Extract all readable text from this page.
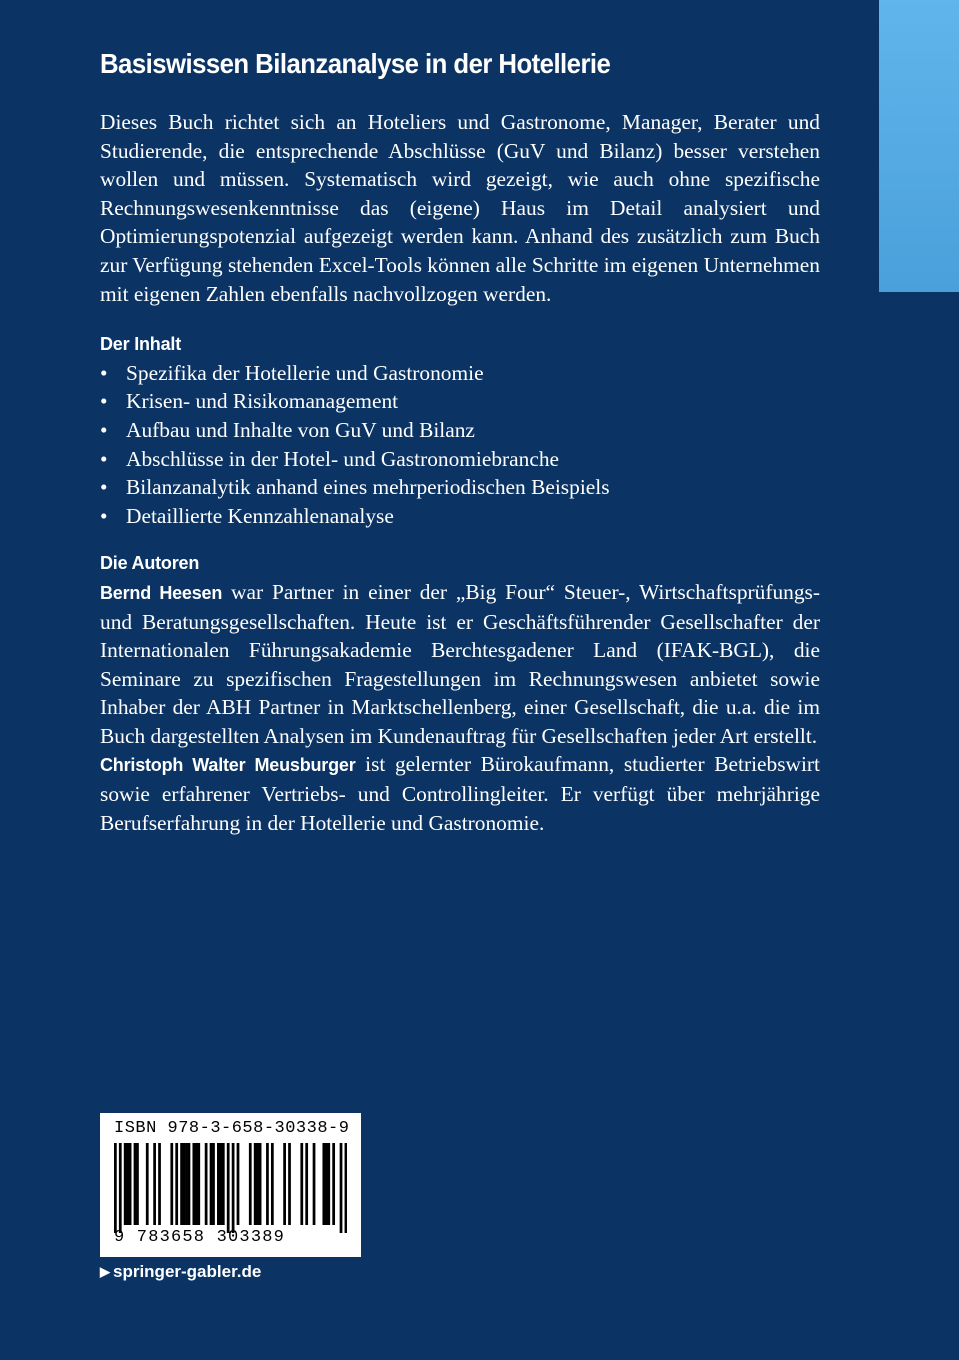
Basiswissen Bilanzanalyse in der Hotellerie

Dieses Buch richtet sich an Hoteliers und Gastronome, Manager, Berater und Studierende, die entsprechende Abschlüsse (GuV und Bilanz) besser verstehen wollen und müssen. Systematisch wird gezeigt, wie auch ohne spezifische Rechnungswesenkenntnisse das (eigene) Haus im Detail analysiert und Optimierungspotenzial aufgezeigt werden kann. Anhand des zusätzlich zum Buch zur Verfügung stehenden Excel-Tools können alle Schritte im eigenen Unternehmen mit eigenen Zahlen ebenfalls nachvollzogen werden.

Der Inhalt
• Spezifika der Hotellerie und Gastronomie
• Krisen- und Risikomanagement
• Aufbau und Inhalte von GuV und Bilanz
• Abschlüsse in der Hotel- und Gastronomiebranche
• Bilanzanalytik anhand eines mehrperiodischen Beispiels
• Detaillierte Kennzahlenanalyse
Die Autoren

Bernd Heesen war Partner in einer der „Big Four“ Steuer-, Wirtschaftsprüfungs- und Beratungsgesellschaften. Heute ist er Geschäftsführender Gesellschafter der Internationalen Führungsakademie Berchtesgadener Land (IFAK-BGL), die Seminare zu spezifischen Fragestellungen im Rechnungswesen anbietet sowie Inhaber der ABH Partner in Marktschellenberg, einer Gesellschaft, die u.a. die im Buch dargestellten Analysen im Kundenauftrag für Gesellschaften jeder Art erstellt.

Christoph Walter Meusburger ist gelernter Bürokaufmann, studierter Betriebswirt sowie erfahrener Vertriebs- und Controllingleiter. Er verfügt über mehrjährige Berufserfahrung in der Hotellerie und Gastronomie.

ISBN 978-3-658-30338-9
9 783658 303389
▶ springer-gabler.de
